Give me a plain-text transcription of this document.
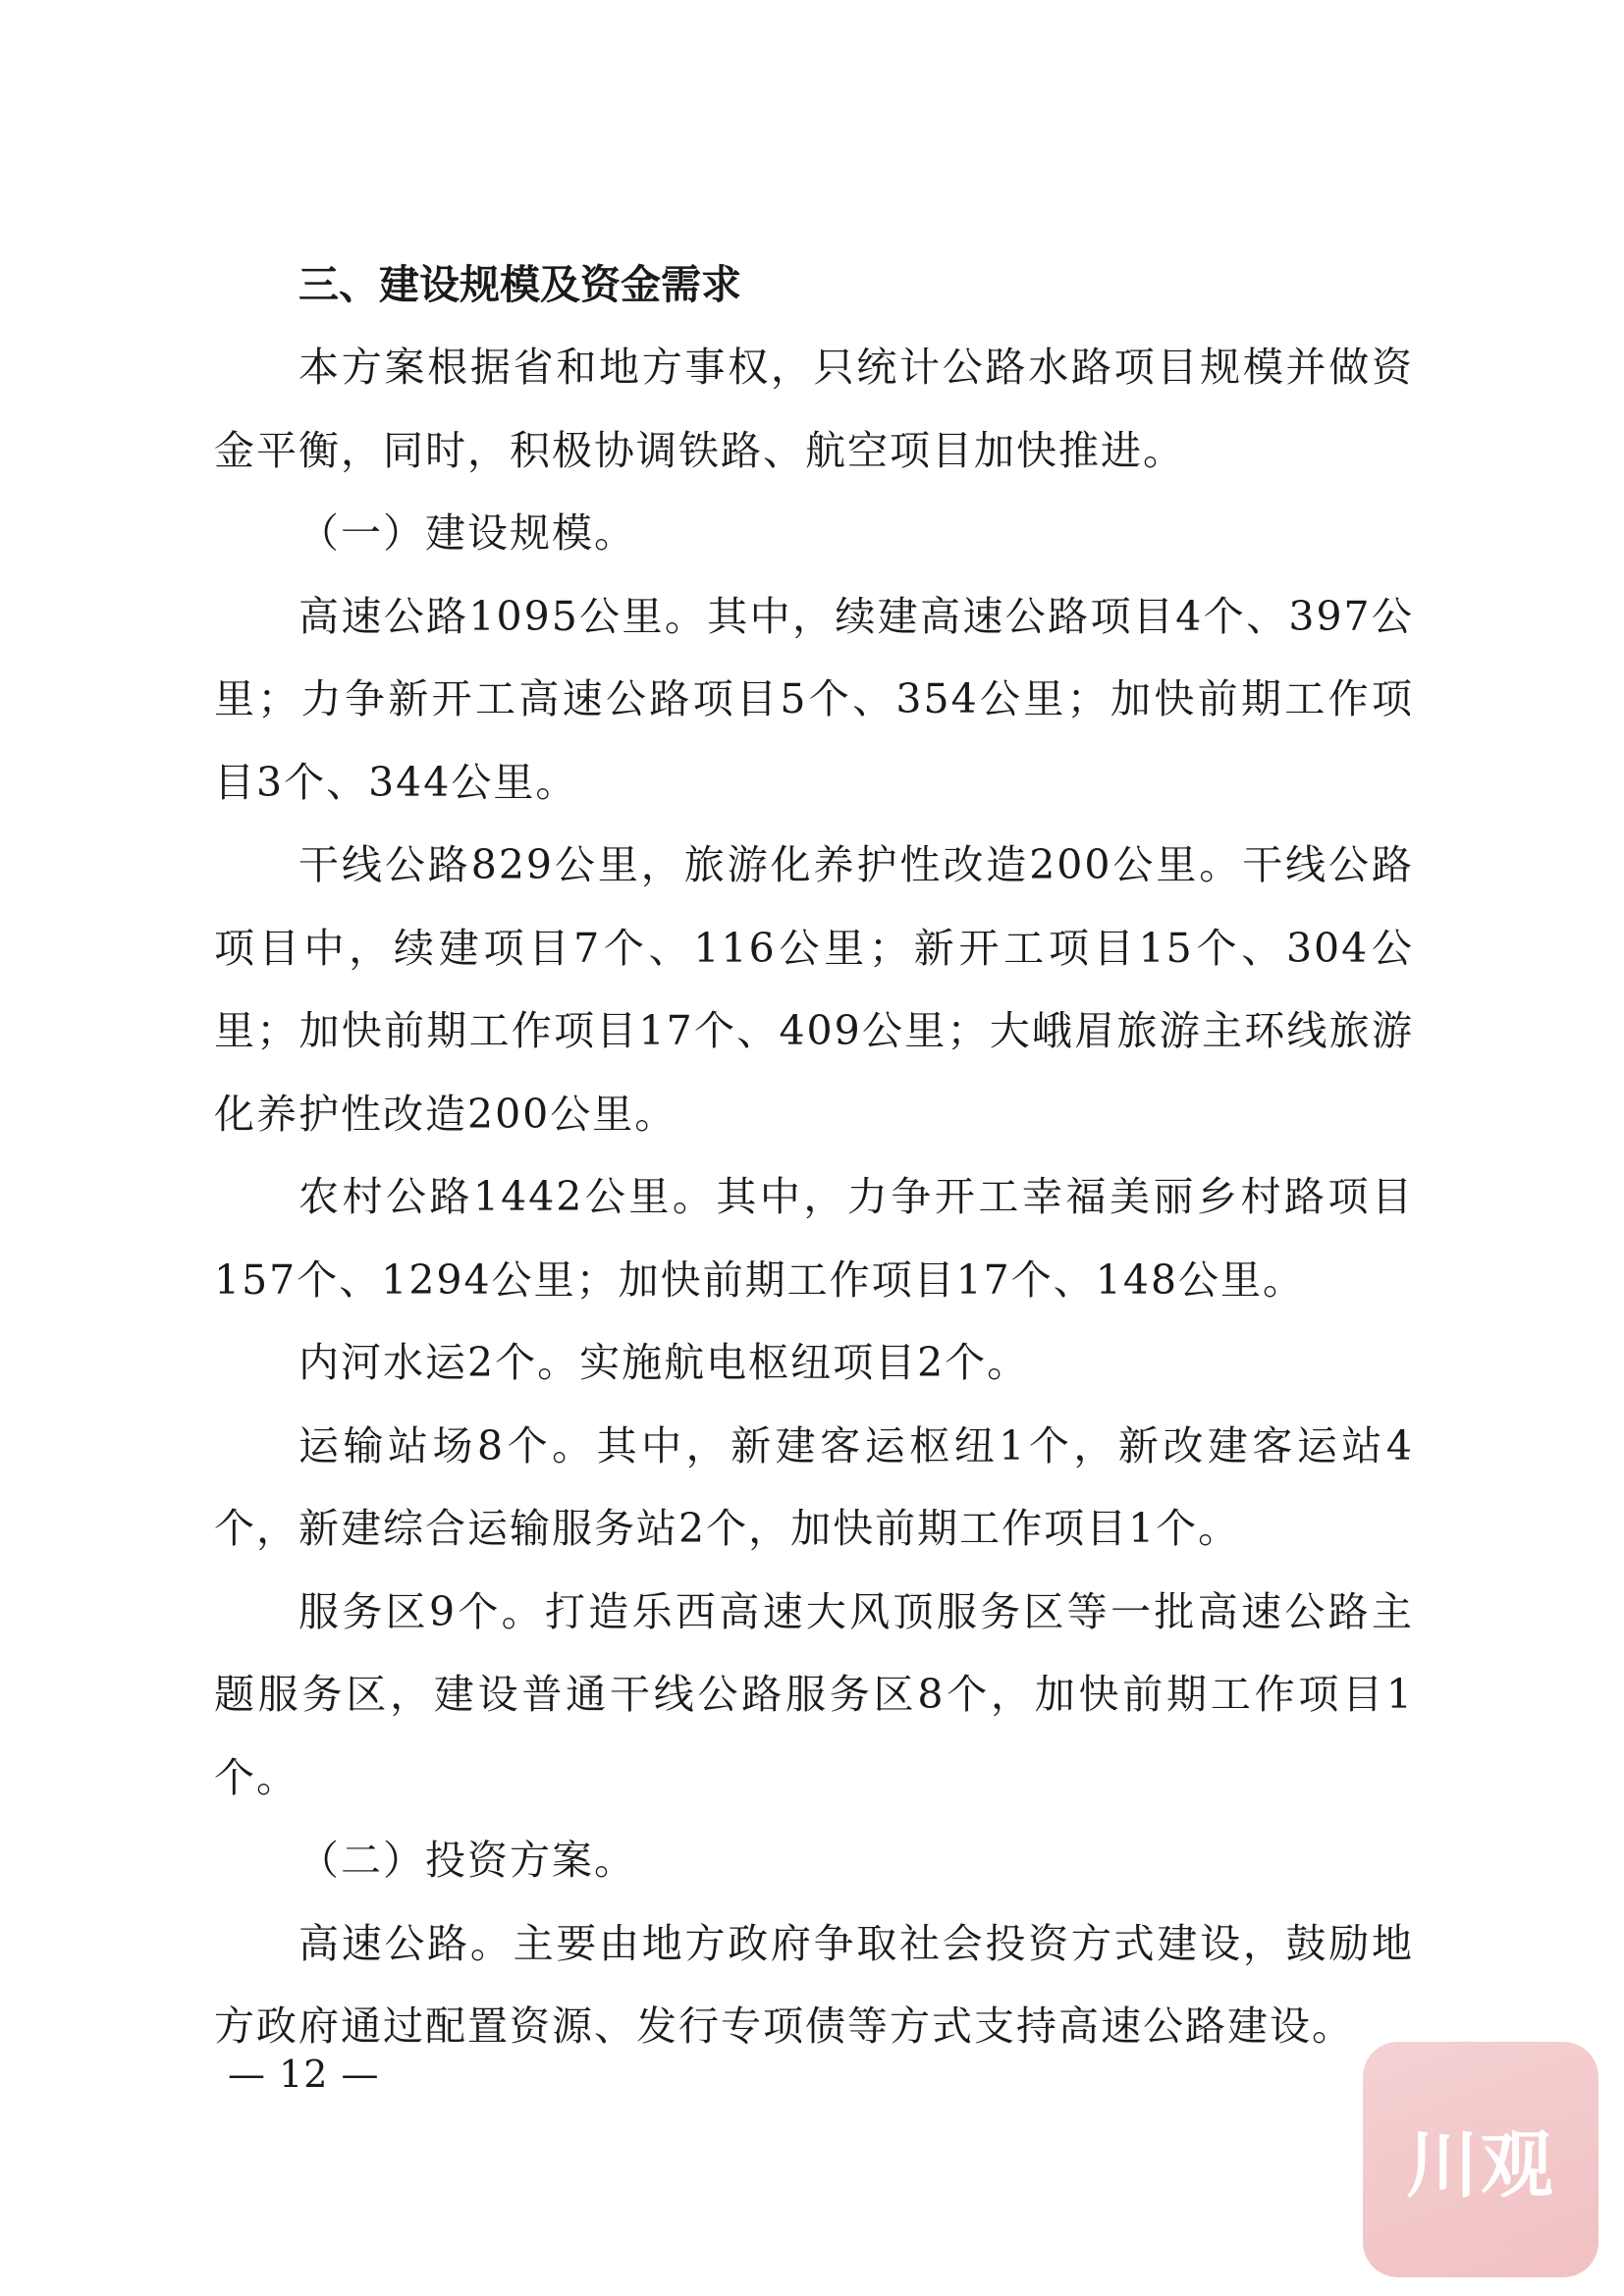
三、建设规模及资金需求

本方案根据省和地方事权，只统计公路水路项目规模并做资金平衡，同时，积极协调铁路、航空项目加快推进。

（一）建设规模。

高速公路1095公里。其中，续建高速公路项目4个、397公里；力争新开工高速公路项目5个、354公里；加快前期工作项目3个、344公里。

干线公路829公里，旅游化养护性改造200公里。干线公路项目中，续建项目7个、116公里；新开工项目15个、304公里；加快前期工作项目17个、409公里；大峨眉旅游主环线旅游化养护性改造200公里。

农村公路1442公里。其中，力争开工幸福美丽乡村路项目157个、1294公里；加快前期工作项目17个、148公里。

内河水运2个。实施航电枢纽项目2个。

运输站场8个。其中，新建客运枢纽1个，新改建客运站4个，新建综合运输服务站2个，加快前期工作项目1个。

服务区9个。打造乐西高速大风顶服务区等一批高速公路主题服务区，建设普通干线公路服务区8个，加快前期工作项目1个。

（二）投资方案。

高速公路。主要由地方政府争取社会投资方式建设，鼓励地方政府通过配置资源、发行专项债等方式支持高速公路建设。

— 12 —
川观
